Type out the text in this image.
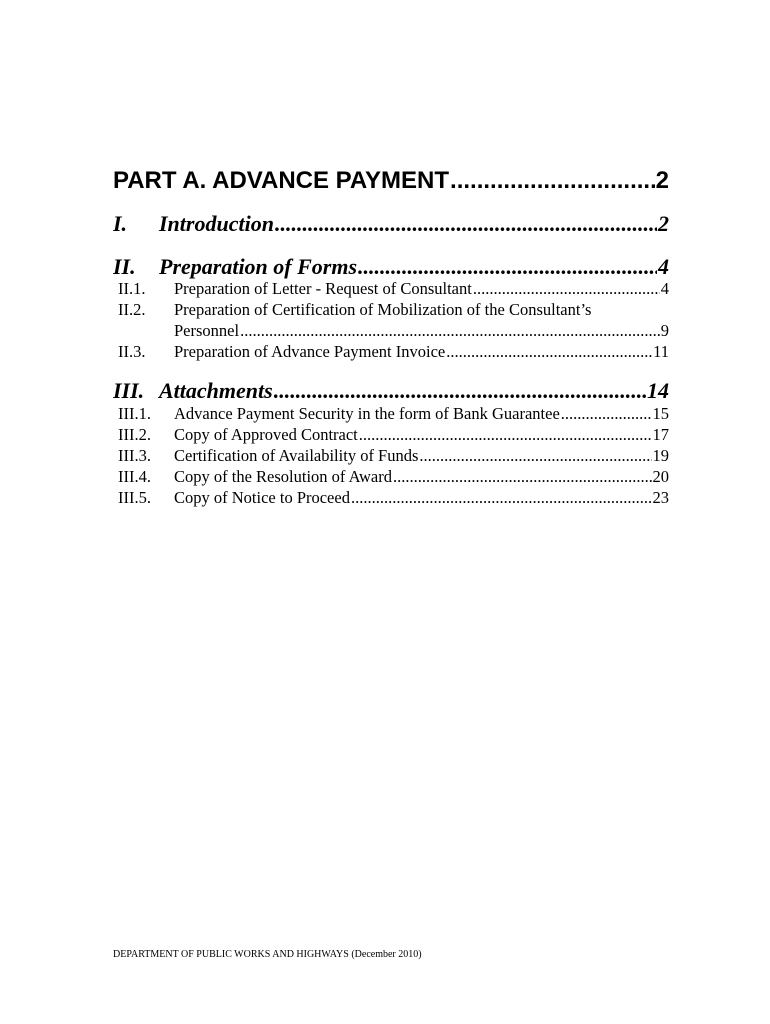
PART A. ADVANCE PAYMENT .....	2
I. Introduction .....	2
II. Preparation of Forms .....	4
II.1. Preparation of Letter - Request of Consultant .....	4
II.2. Preparation of Certification of Mobilization of the Consultant’s
Personnel .....	9
II.3. Preparation of Advance Payment Invoice .....	11
III. Attachments .....	14
III.1. Advance Payment Security in the form of Bank Guarantee .....	15
III.2. Copy of Approved Contract .....	17
III.3. Certification of Availability of Funds .....	19
III.4. Copy of the Resolution of Award .....	20
III.5. Copy of Notice to Proceed .....	23
DEPARTMENT OF PUBLIC WORKS AND HIGHWAYS (December 2010)
